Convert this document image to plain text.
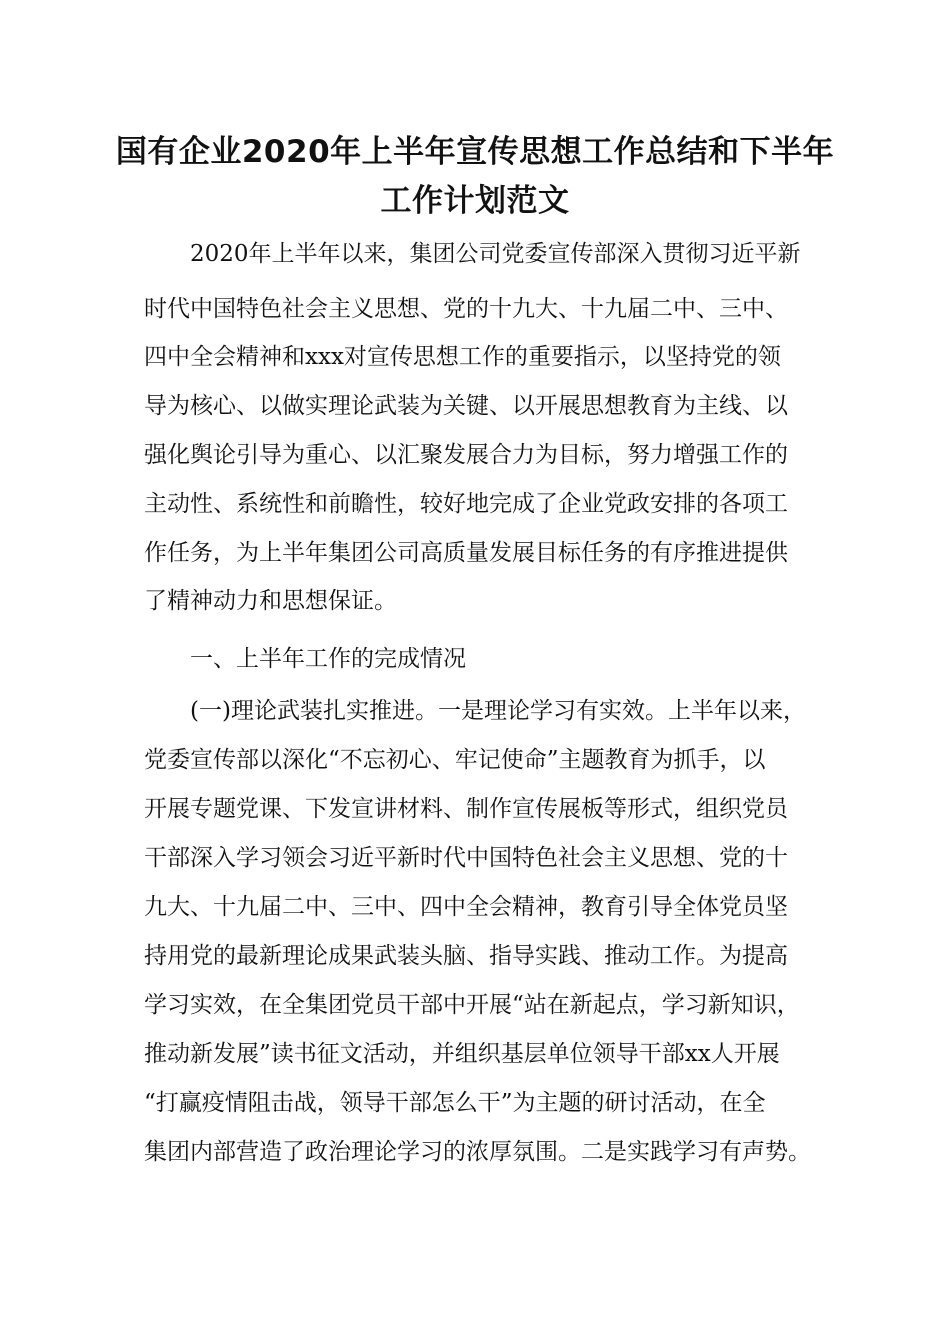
国有企业2020年上半年宣传思想工作总结和下半年
工作计划范文
2020年上半年以来，集团公司党委宣传部深入贯彻习近平新
时代中国特色社会主义思想、党的十九大、十九届二中、三中、
四中全会精神和xxx对宣传思想工作的重要指示，以坚持党的领
导为核心、以做实理论武装为关键、以开展思想教育为主线、以
强化舆论引导为重心、以汇聚发展合力为目标，努力增强工作的
主动性、系统性和前瞻性，较好地完成了企业党政安排的各项工
作任务，为上半年集团公司高质量发展目标任务的有序推进提供
了精神动力和思想保证。
一、上半年工作的完成情况
(一)理论武装扎实推进。一是理论学习有实效。上半年以来，
党委宣传部以深化“不忘初心、牢记使命”主题教育为抓手，以
开展专题党课、下发宣讲材料、制作宣传展板等形式，组织党员
干部深入学习领会习近平新时代中国特色社会主义思想、党的十
九大、十九届二中、三中、四中全会精神，教育引导全体党员坚
持用党的最新理论成果武装头脑、指导实践、推动工作。为提高
学习实效，在全集团党员干部中开展“站在新起点，学习新知识，
推动新发展”读书征文活动，并组织基层单位领导干部xx人开展
“打赢疫情阻击战，领导干部怎么干”为主题的研讨活动，在全
集团内部营造了政治理论学习的浓厚氛围。二是实践学习有声势。
